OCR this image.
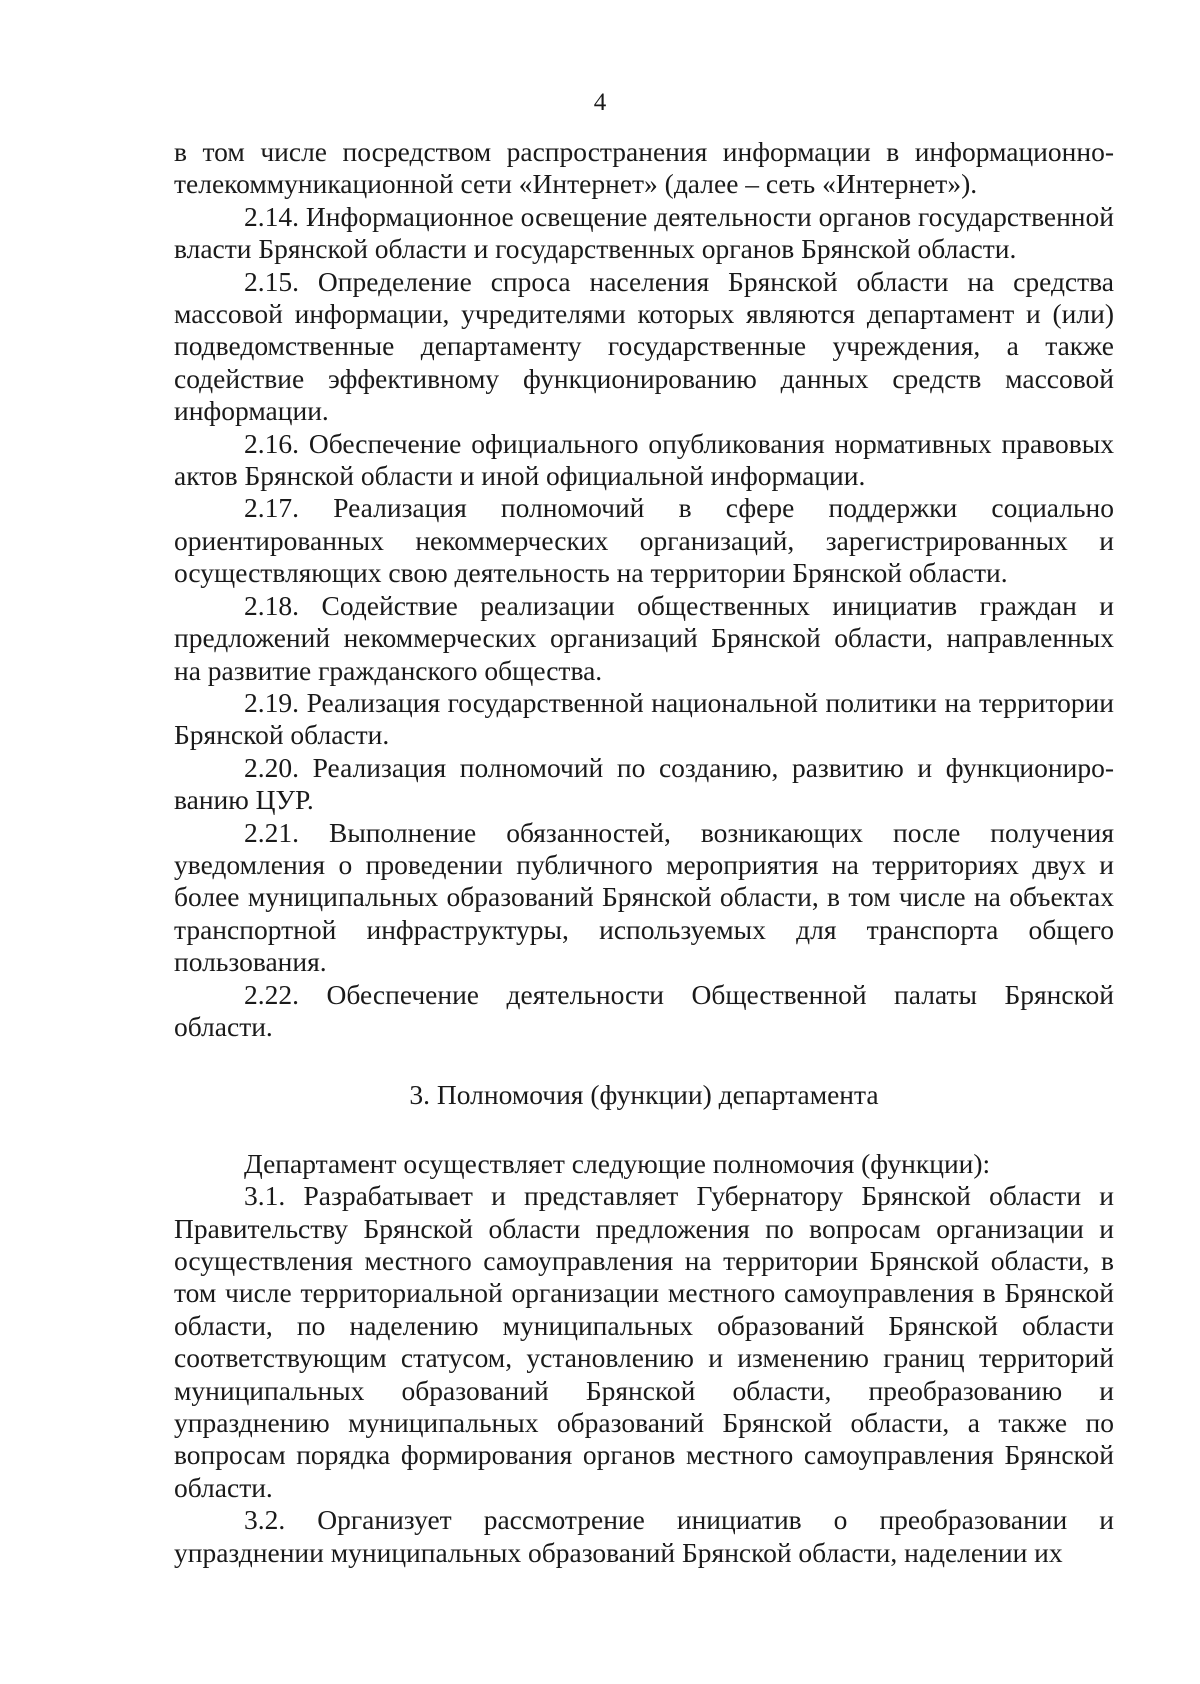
4

в том числе посредством распространения информации в информационно-телекоммуникационной сети «Интернет» (далее – сеть «Интернет»).

2.14. Информационное освещение деятельности органов государственной власти Брянской области и государственных органов Брянской области.

2.15. Определение спроса населения Брянской области на средства массовой информации, учредителями которых являются департамент и (или) подведомственные департаменту государственные учреждения, а также содействие эффективному функционированию данных средств массовой информации.

2.16. Обеспечение официального опубликования нормативных правовых актов Брянской области и иной официальной информации.

2.17. Реализация полномочий в сфере поддержки социально ориентированных некоммерческих организаций, зарегистрированных и осуществляющих свою деятельность на территории Брянской области.

2.18. Содействие реализации общественных инициатив граждан и предложений некоммерческих организаций Брянской области, направленных на развитие гражданского общества.

2.19. Реализация государственной национальной политики на территории Брянской области.

2.20. Реализация полномочий по созданию, развитию и функционированию ЦУР.

2.21. Выполнение обязанностей, возникающих после получения уведомления о проведении публичного мероприятия на территориях двух и более муниципальных образований Брянской области, в том числе на объектах транспортной инфраструктуры, используемых для транспорта общего пользования.

2.22. Обеспечение деятельности Общественной палаты Брянской области.

3. Полномочия (функции) департамента

Департамент осуществляет следующие полномочия (функции):

3.1. Разрабатывает и представляет Губернатору Брянской области и Правительству Брянской области предложения по вопросам организации и осуществления местного самоуправления на территории Брянской области, в том числе территориальной организации местного самоуправления в Брянской области, по наделению муниципальных образований Брянской области соответствующим статусом, установлению и изменению границ территорий муниципальных образований Брянской области, преобразованию и упразднению муниципальных образований Брянской области, а также по вопросам порядка формирования органов местного самоуправления Брянской области.

3.2. Организует рассмотрение инициатив о преобразовании и упразднении муниципальных образований Брянской области, наделении их
